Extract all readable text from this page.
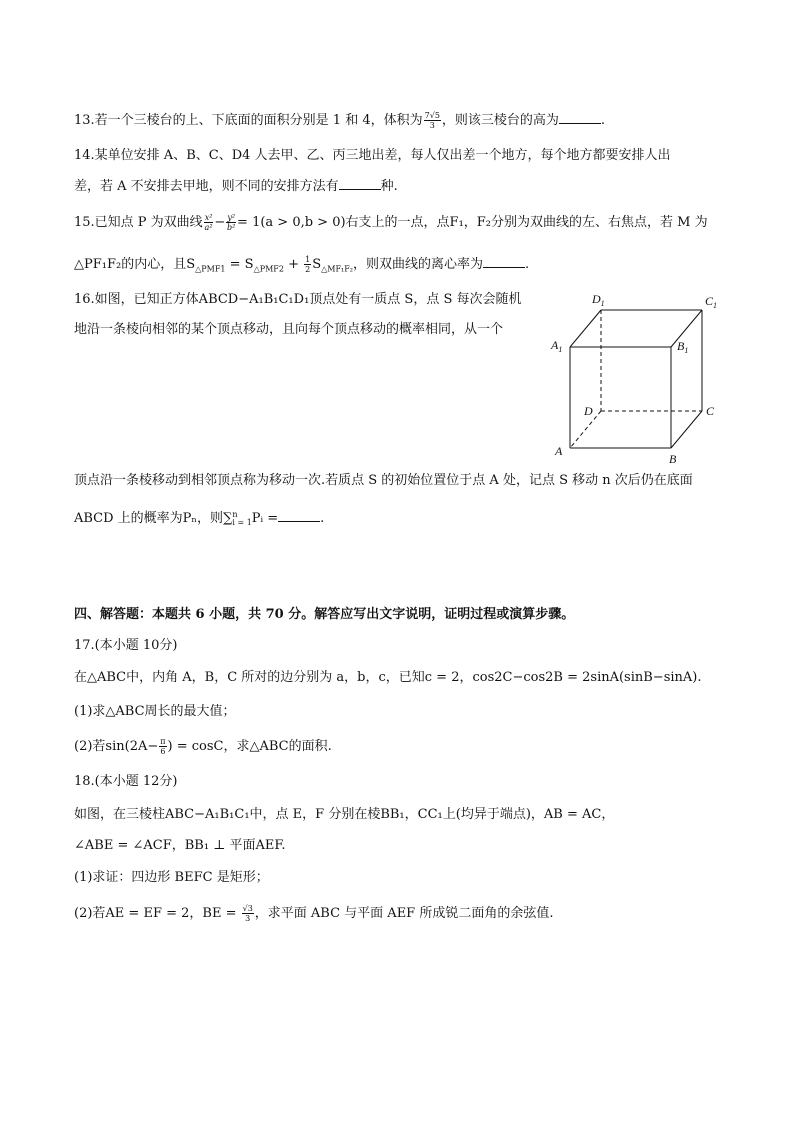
13.若一个三棱台的上、下底面的面积分别是 1 和 4，体积为 $\frac{7√5}{3}$ ，则该三棱台的高为	.
14.某单位安排 A、B、C、D4 人去甲、乙、丙三地出差，每人仅出差一个地方，每个地方都要安排人出
差，若 A 不安排去甲地，则不同的安排方法有	种.
15.已知点 P 为双曲线 $\frac{\text{x²}}{\text{a²}} - \frac{\text{y²}}{\text{b²}} = 1(a > 0,b > 0)$右支上的一点，点F₁，F₂分别为双曲线的左、右焦点，若 M 为
△PF₁F₂的内心，且$S_{\triangle PMF1} = S_{\triangle PMF2} + \frac{1}{2} S_{\triangle MF_1F_2}$，则双曲线的离心率为	.
16.如图，已知正方体ABCD−A₁B₁C₁D₁顶点处有一质点 S，点 S 每次会随机
地沿一条棱向相邻的某个顶点移动，且向每个顶点移动的概率相同，从一个
$D_1$	$C_1$
$A_1$	$B_1$
D	C
A
B
顶点沿一条棱移动到相邻顶点称为移动一次.若质点 S 的初始位置位于点 A 处，记点 S 移动 n 次后仍在底面
ABCD 上的概率为Pₙ，则∑ n
i = 1 Pᵢ =	.
四、解答题：本题共 6 小题，共 70 分。解答应写出文字说明，证明过程或演算步骤。
17.(本小题 10分)
在△ABC中，内角 A，B，C 所对的边分别为 a，b，c，已知c = 2，cos2C−cos2B = 2sinA(sinB−sinA).
(1)求△ABC周长的最大值；
(2)若$\sin(2A- \frac{\pi}{6}$ ) = cosC，求△ABC的面积.
18.(本小题 12分)
如图，在三棱柱ABC−A₁B₁C₁中，点 E，F 分别在棱BB₁，CC₁上(均异于端点)，AB = AC，
∠ABE = ∠ACF，BB₁ ⊥ 平面AEF.
(1)求证：四边形 BEFC 是矩形；
(2)若AE = EF = 2，BE = $\frac{√3}{3}$ ，求平面 ABC 与平面 AEF 所成锐二面角的余弦值.
